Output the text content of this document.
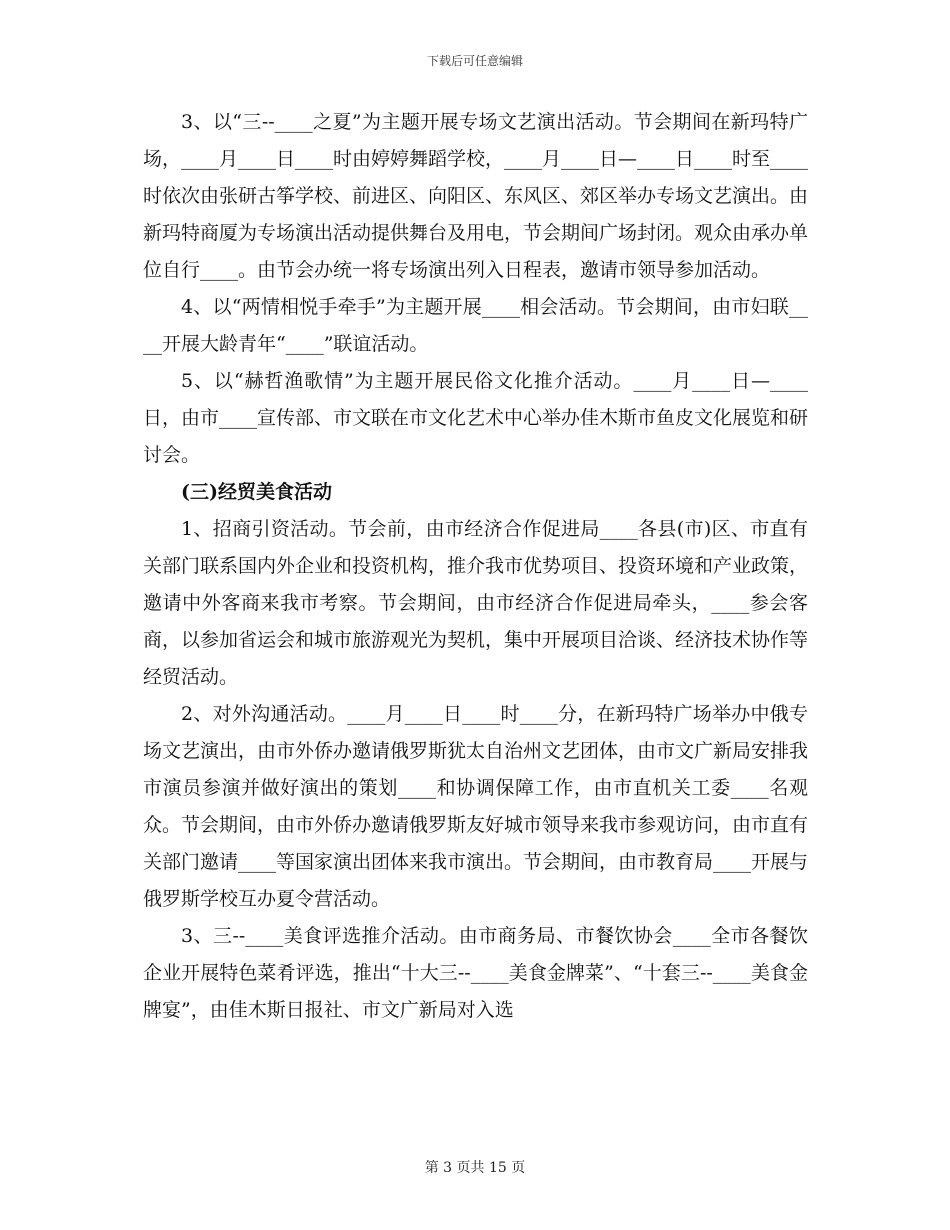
下载后可任意编辑

3、以“三--____之夏”为主题开展专场文艺演出活动。节会期间在新玛特广场，____月____日____时由婷婷舞蹈学校，____月____日—____日____时至____时依次由张研古筝学校、前进区、向阳区、东风区、郊区举办专场文艺演出。由新玛特商厦为专场演出活动提供舞台及用电，节会期间广场封闭。观众由承办单位自行____。由节会办统一将专场演出列入日程表，邀请市领导参加活动。

4、以“两情相悦手牵手”为主题开展____相会活动。节会期间，由市妇联____开展大龄青年“____”联谊活动。

5、以“赫哲渔歌情”为主题开展民俗文化推介活动。____月____日—____日，由市____宣传部、市文联在市文化艺术中心举办佳木斯市鱼皮文化展览和研讨会。

(三)经贸美食活动

1、招商引资活动。节会前，由市经济合作促进局____各县(市)区、市直有关部门联系国内外企业和投资机构，推介我市优势项目、投资环境和产业政策，邀请中外客商来我市考察。节会期间，由市经济合作促进局牵头，____参会客商，以参加省运会和城市旅游观光为契机，集中开展项目洽谈、经济技术协作等经贸活动。

2、对外沟通活动。____月____日____时____分，在新玛特广场举办中俄专场文艺演出，由市外侨办邀请俄罗斯犹太自治州文艺团体，由市文广新局安排我市演员参演并做好演出的策划____和协调保障工作，由市直机关工委____名观众。节会期间，由市外侨办邀请俄罗斯友好城市领导来我市参观访问，由市直有关部门邀请____等国家演出团体来我市演出。节会期间，由市教育局____开展与俄罗斯学校互办夏令营活动。

3、三--____美食评选推介活动。由市商务局、市餐饮协会____全市各餐饮企业开展特色菜肴评选，推出“十大三--____美食金牌菜”、“十套三--____美食金牌宴”，由佳木斯日报社、市文广新局对入选

第 3 页共 15 页
